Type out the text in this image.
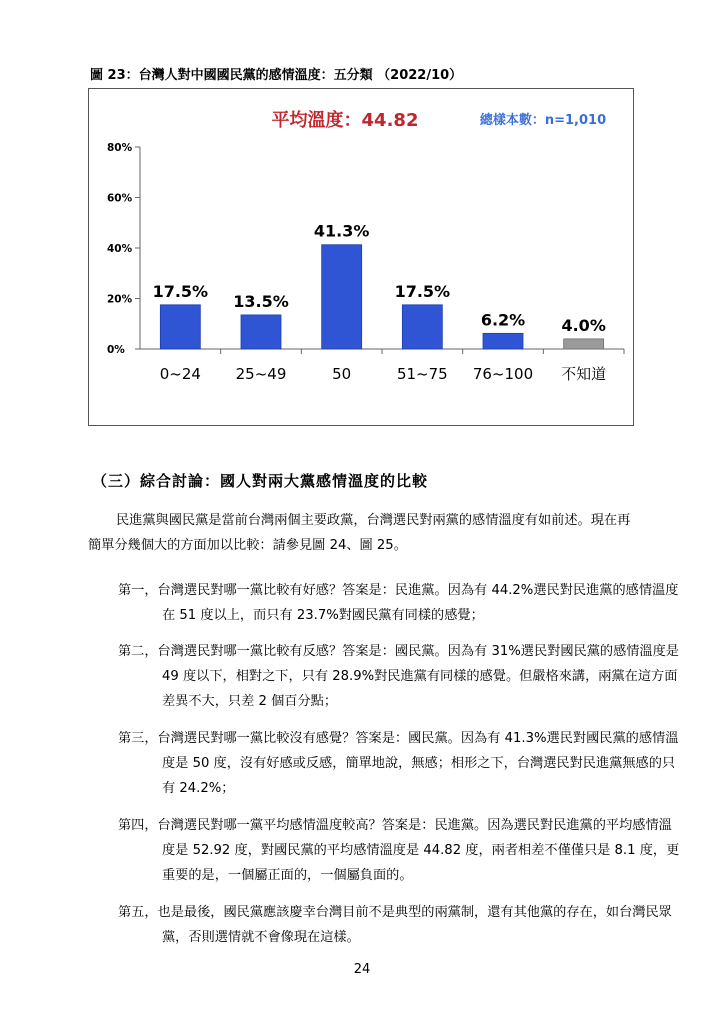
圖 23：台灣人對中國國民黨的感情溫度：五分類 （2022/10）
平均溫度：44.82	總樣本數：n=1,010
0%
20%
40%
60%
80%
17.5%
0~24
13.5%
25~49
41.3%
50
17.5%
51~75
6.2%
76~100
4.0%
不知道
（三）綜合討論：國人對兩大黨感情溫度的比較

民進黨與國民黨是當前台灣兩個主要政黨，台灣選民對兩黨的感情溫度有如前述。現在再簡單分幾個大的方面加以比較：請參見圖 24、圖 25。

第一，台灣選民對哪一黨比較有好感？答案是：民進黨。因為有 44.2%選民對民進黨的感情溫度在 51 度以上，而只有 23.7%對國民黨有同樣的感覺；

第二，台灣選民對哪一黨比較有反感？答案是：國民黨。因為有 31%選民對國民黨的感情溫度是 49 度以下，相對之下，只有 28.9%對民進黨有同樣的感覺。但嚴格來講，兩黨在這方面差異不大，只差 2 個百分點；

第三，台灣選民對哪一黨比較沒有感覺？答案是：國民黨。因為有 41.3%選民對國民黨的感情溫度是 50 度，沒有好感或反感，簡單地說，無感；相形之下，台灣選民對民進黨無感的只有 24.2%；

第四，台灣選民對哪一黨平均感情溫度較高？答案是：民進黨。因為選民對民進黨的平均感情溫度是 52.92 度，對國民黨的平均感情溫度是 44.82 度，兩者相差不僅僅只是 8.1 度，更重要的是，一個屬正面的，一個屬負面的。

第五，也是最後，國民黨應該慶幸台灣目前不是典型的兩黨制，還有其他黨的存在，如台灣民眾黨，否則選情就不會像現在這樣。

24
